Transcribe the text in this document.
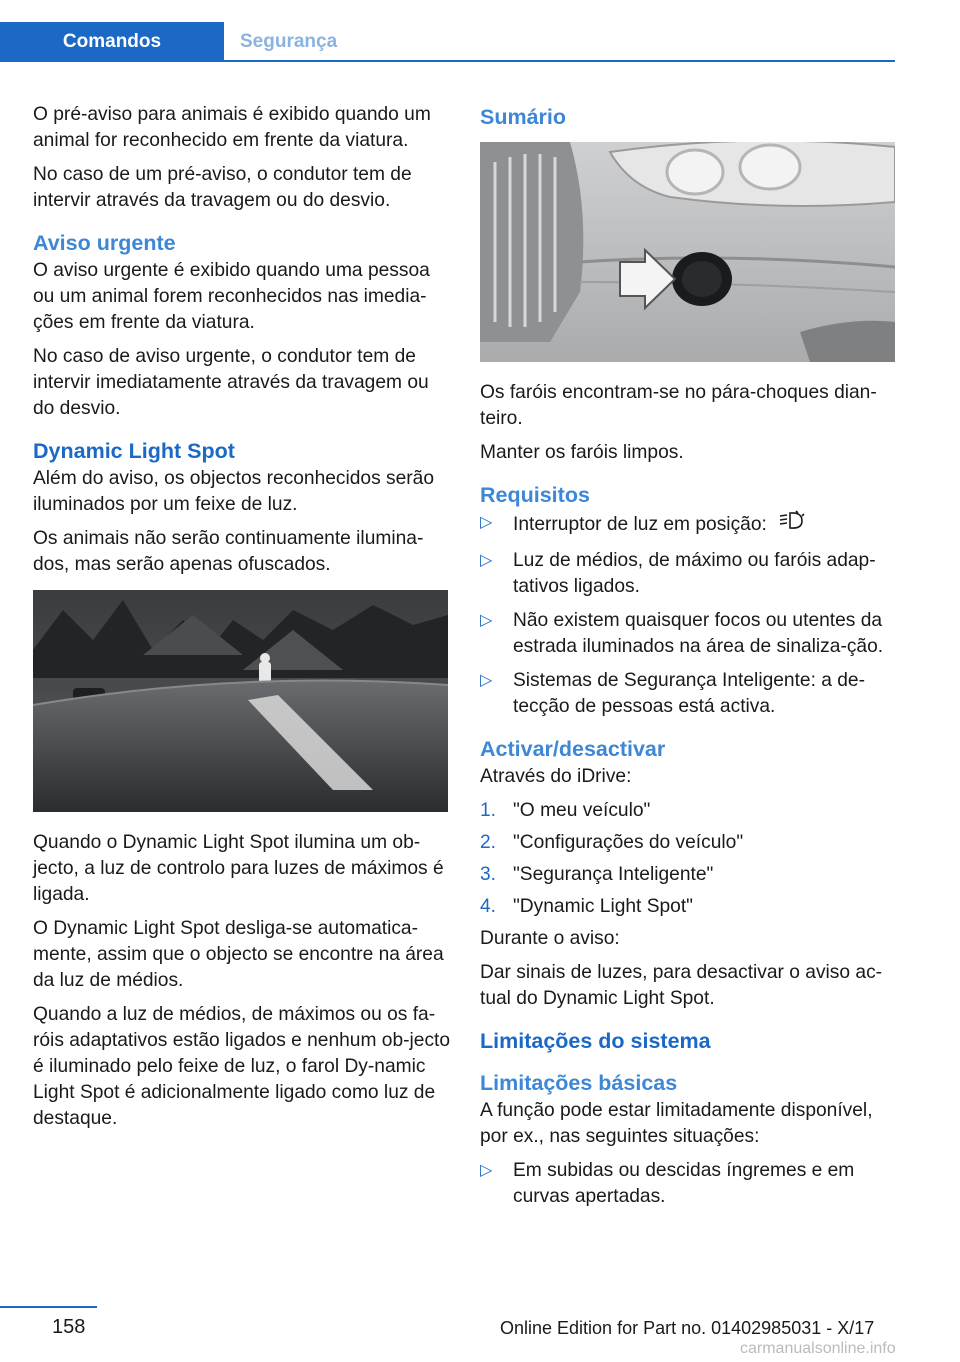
Comandos	Segurança

O pré-aviso para animais é exibido quando um animal for reconhecido em frente da viatura.

No caso de um pré-aviso, o condutor tem de intervir através da travagem ou do desvio.

Aviso urgente

O aviso urgente é exibido quando uma pessoa ou um animal forem reconhecidos nas imedia-ções em frente da viatura.

No caso de aviso urgente, o condutor tem de intervir imediatamente através da travagem ou do desvio.

Dynamic Light Spot

Além do aviso, os objectos reconhecidos serão iluminados por um feixe de luz.

Os animais não serão continuamente ilumina-dos, mas serão apenas ofuscados.

Quando o Dynamic Light Spot ilumina um ob-jecto, a luz de controlo para luzes de máximos é ligada.

O Dynamic Light Spot desliga-se automatica-mente, assim que o objecto se encontre na área da luz de médios.

Quando a luz de médios, de máximos ou os fa-róis adaptativos estão ligados e nenhum ob-jecto é iluminado pelo feixe de luz, o farol Dy-namic Light Spot é adicionalmente ligado como luz de destaque.

Sumário

Os faróis encontram-se no pára-choques dian-teiro.

Manter os faróis limpos.

Requisitos
▷ Interruptor de luz em posição:
▷ Luz de médios, de máximo ou faróis adap-tativos ligados.
▷ Não existem quaisquer focos ou utentes da estrada iluminados na área de sinaliza-ção.
▷ Sistemas de Segurança Inteligente: a de-tecção de pessoas está activa.
Activar/desactivar

Através do iDrive:

1. "O meu veículo"
2. "Configurações do veículo"
3. "Segurança Inteligente"
4. "Dynamic Light Spot"

Durante o aviso:

Dar sinais de luzes, para desactivar o aviso ac-tual do Dynamic Light Spot.

Limitações do sistema
Limitações básicas

A função pode estar limitadamente disponível, por ex., nas seguintes situações:

▷ Em subidas ou descidas íngremes e em curvas apertadas.
158	Online Edition for Part no. 01402985031 - X/17
carmanualsonline.info
